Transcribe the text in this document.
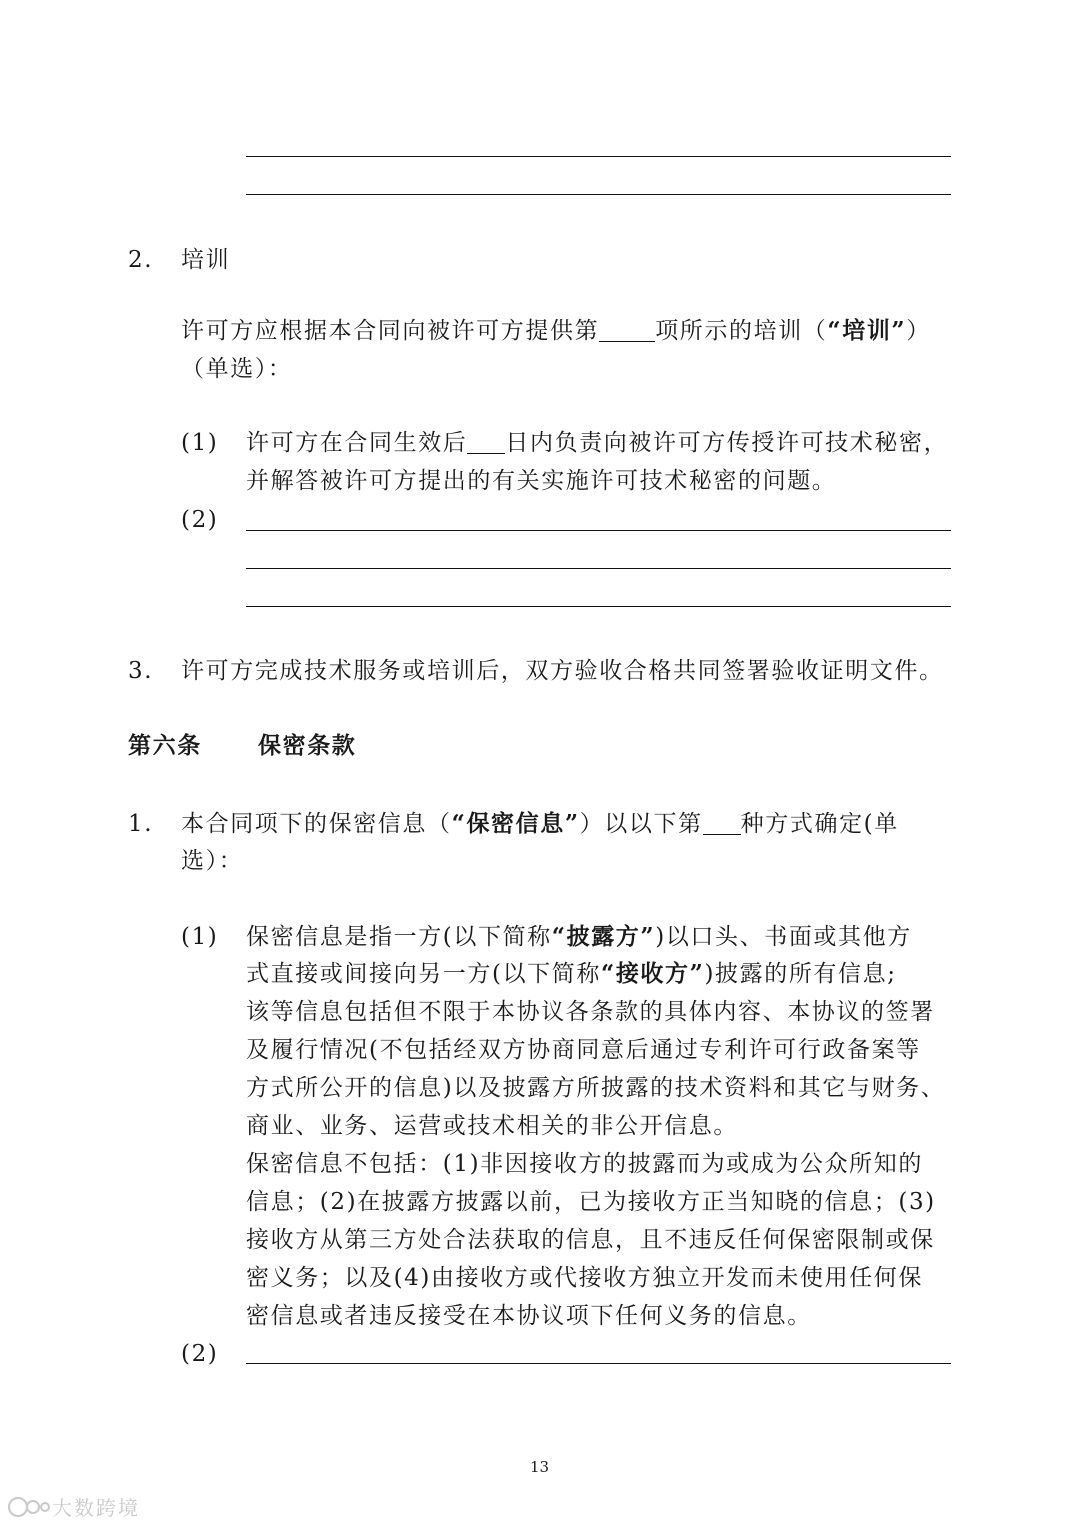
2. 培训
许可方应根据本合同向被许可方提供第 项所示的培训（“培训”）
（单选）：
(1) 许可方在合同生效后 日内负责向被许可方传授许可技术秘密，
并解答被许可方提出的有关实施许可技术秘密的问题。
(2)
3. 许可方完成技术服务或培训后，双方验收合格共同签署验收证明文件。
第六条 保密条款
1. 本合同项下的保密信息（“保密信息”）以以下第 种方式确定(单
选）：
(1) 保密信息是指一方(以下简称“披露方”)以口头、书面或其他方
式直接或间接向另一方(以下简称“接收方”)披露的所有信息;
该等信息包括但不限于本协议各条款的具体内容、本协议的签署
及履行情况(不包括经双方协商同意后通过专利许可行政备案等
方式所公开的信息)以及披露方所披露的技术资料和其它与财务、
商业、业务、运营或技术相关的非公开信息。
保密信息不包括：(1)非因接收方的披露而为或成为公众所知的
信息；(2)在披露方披露以前，已为接收方正当知晓的信息；(3)
接收方从第三方处合法获取的信息，且不违反任何保密限制或保
密义务；以及(4)由接收方或代接收方独立开发而未使用任何保
密信息或者违反接受在本协议项下任何义务的信息。
(2)
13
大数跨境
